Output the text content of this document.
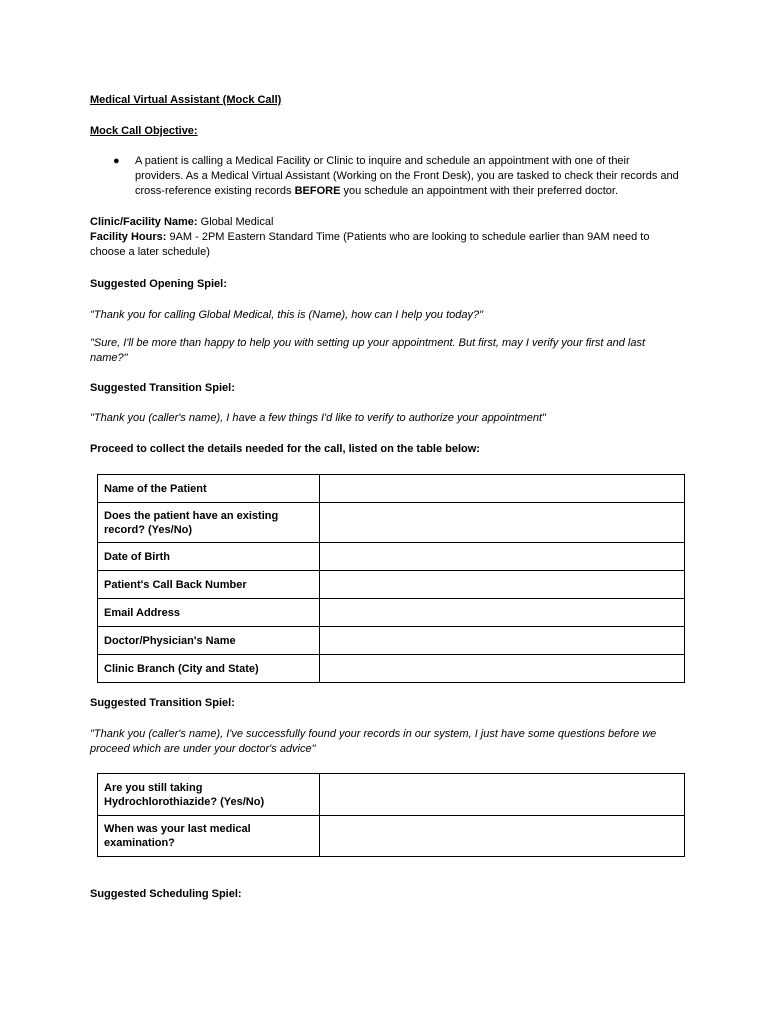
Medical Virtual Assistant (Mock Call)

Mock Call Objective:

● A patient is calling a Medical Facility or Clinic to inquire and schedule an appointment with one of their providers. As a Medical Virtual Assistant (Working on the Front Desk), you are tasked to check their records and cross-reference existing records BEFORE you schedule an appointment with their preferred doctor.

Clinic/Facility Name: Global Medical
Facility Hours: 9AM - 2PM Eastern Standard Time (Patients who are looking to schedule earlier than 9AM need to choose a later schedule)

Suggested Opening Spiel:

"Thank you for calling Global Medical, this is (Name), how can I help you today?"

"Sure, I'll be more than happy to help you with setting up your appointment. But first, may I verify your first and last name?"

Suggested Transition Spiel:

"Thank you (caller's name), I have a few things I'd like to verify to authorize your appointment"

Proceed to collect the details needed for the call, listed on the table below:

Name of the Patient	
Does the patient have an existing record? (Yes/No)	
Date of Birth	
Patient's Call Back Number	
Email Address	
Doctor/Physician's Name	
Clinic Branch (City and State)	

Suggested Transition Spiel:

"Thank you (caller's name), I've successfully found your records in our system, I just have some questions before we proceed which are under your doctor's advice"

Are you still taking Hydrochlorothiazide? (Yes/No)	
When was your last medical examination?	

Suggested Scheduling Spiel:
